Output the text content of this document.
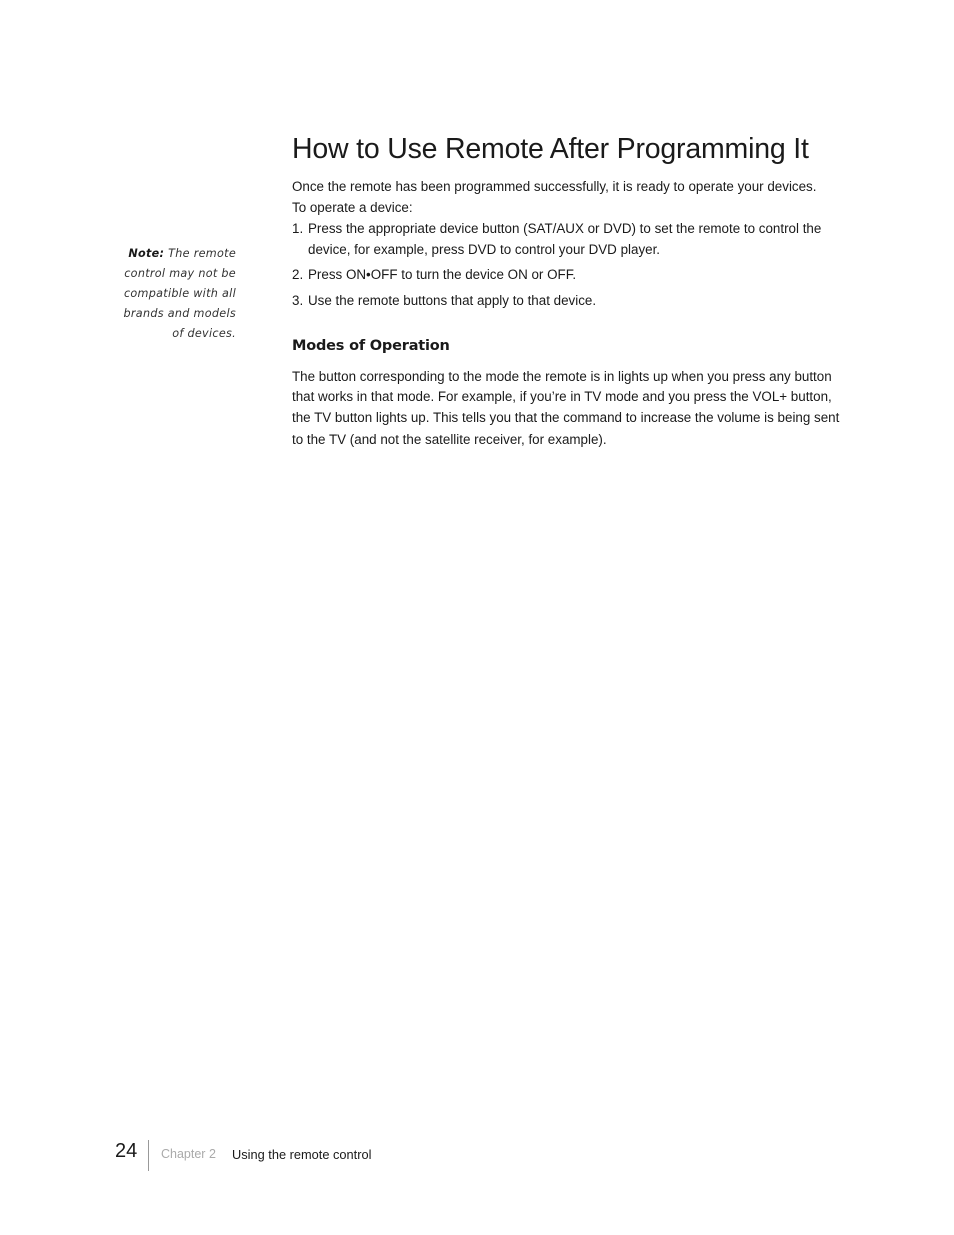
How to Use Remote After Programming It

Once the remote has been programmed successfully, it is ready to operate your devices.

To operate a device:

1. Press the appropriate device button (SAT/AUX or DVD) to set the remote to control the
device, for example, press DVD to control your DVD player.
2. Press ON•OFF to turn the device ON or OFF.
3. Use the remote buttons that apply to that device.
Modes of Operation

The button corresponding to the mode the remote is in lights up when you press any button

that works in that mode. For example, if you’re in TV mode and you press the VOL+ button,

the TV button lights up. This tells you that the command to increase the volume is being sent

to the TV (and not the satellite receiver, for example).

Note: The remote
control may not be
compatible with all
brands and models
of devices.
24 Chapter 2 Using the remote control
